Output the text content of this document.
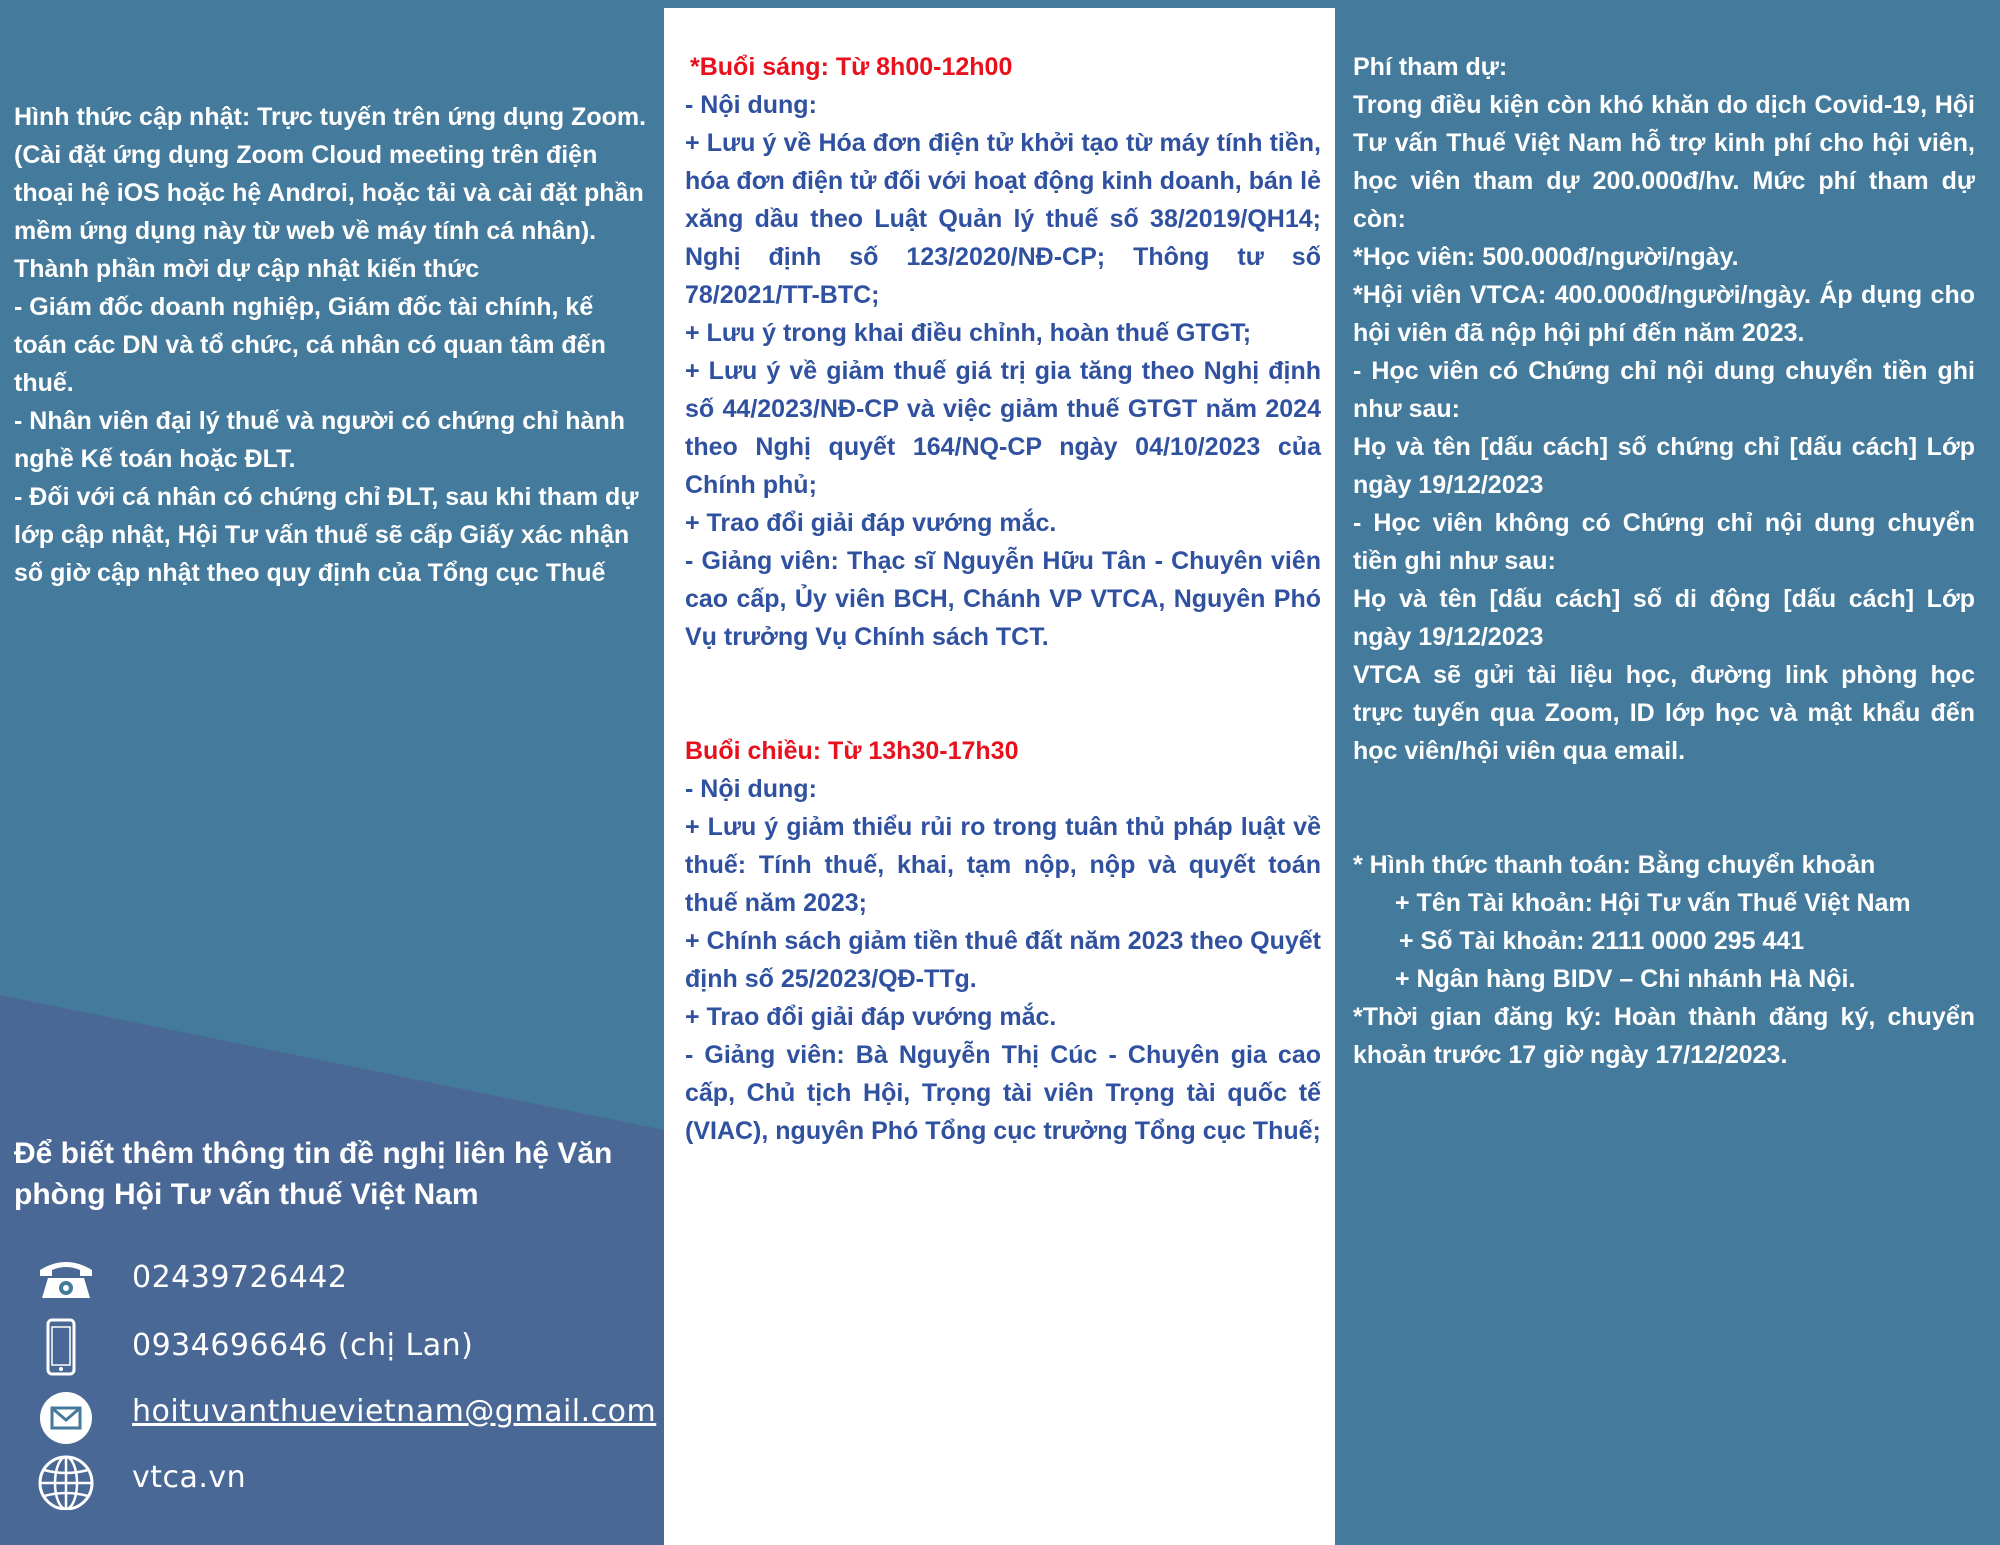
Hình thức cập nhật: Trực tuyến trên ứng dụng Zoom. (Cài đặt ứng dụng Zoom Cloud meeting trên điện thoại hệ iOS hoặc hệ Androi, hoặc tải và cài đặt phần mềm ứng dụng này từ web về máy tính cá nhân).

Thành phần mời dự cập nhật kiến thức

- Giám đốc doanh nghiệp, Giám đốc tài chính, kế toán các DN và tổ chức, cá nhân có quan tâm đến thuế.

- Nhân viên đại lý thuế và người có chứng chỉ hành nghề Kế toán hoặc ĐLT.

- Đối với cá nhân có chứng chỉ ĐLT, sau khi tham dự lớp cập nhật, Hội Tư vấn thuế sẽ cấp Giấy xác nhận số giờ cập nhật theo quy định của Tổng cục Thuế

Để biết thêm thông tin đề nghị liên hệ Văn phòng Hội Tư vấn thuế Việt Nam
02439726442
0934696646 (chị Lan)
hoituvanthuevietnam@gmail.com
vtca.vn

*Buổi sáng: Từ 8h00-12h00

- Nội dung:

+ Lưu ý về Hóa đơn điện tử khởi tạo từ máy tính tiền, hóa đơn điện tử đối với hoạt động kinh doanh, bán lẻ xăng dầu theo Luật Quản lý thuế số 38/2019/QH14; Nghị định số 123/2020/NĐ-CP; Thông tư số 78/2021/TT-BTC;

+ Lưu ý trong khai điều chỉnh, hoàn thuế GTGT;

+ Lưu ý về giảm thuế giá trị gia tăng theo Nghị định số 44/2023/NĐ-CP và việc giảm thuế GTGT năm 2024 theo Nghị quyết 164/NQ-CP ngày 04/10/2023 của Chính phủ;

+ Trao đổi giải đáp vướng mắc.

- Giảng viên: Thạc sĩ Nguyễn Hữu Tân - Chuyên viên cao cấp, Ủy viên BCH, Chánh VP VTCA, Nguyên Phó Vụ trưởng Vụ Chính sách TCT.

Buổi chiều: Từ 13h30-17h30

- Nội dung:

+ Lưu ý giảm thiểu rủi ro trong tuân thủ pháp luật về thuế: Tính thuế, khai, tạm nộp, nộp và quyết toán thuế năm 2023;

+ Chính sách giảm tiền thuê đất năm 2023 theo Quyết định số 25/2023/QĐ-TTg.

+ Trao đổi giải đáp vướng mắc.

- Giảng viên: Bà Nguyễn Thị Cúc - Chuyên gia cao cấp, Chủ tịch Hội, Trọng tài viên Trọng tài quốc tế (VIAC), nguyên Phó Tổng cục trưởng Tổng cục Thuế;

Phí tham dự:

Trong điều kiện còn khó khăn do dịch Covid-19, Hội Tư vấn Thuế Việt Nam hỗ trợ kinh phí cho hội viên, học viên tham dự 200.000đ/hv. Mức phí tham dự còn:

*Học viên: 500.000đ/người/ngày.

*Hội viên VTCA: 400.000đ/người/ngày. Áp dụng cho hội viên đã nộp hội phí đến năm 2023.

- Học viên có Chứng chỉ nội dung chuyển tiền ghi như sau:

Họ và tên [dấu cách] số chứng chỉ [dấu cách] Lớp ngày 19/12/2023

- Học viên không có Chứng chỉ nội dung chuyển tiền ghi như sau:

Họ và tên [dấu cách] số di động [dấu cách] Lớp ngày 19/12/2023

VTCA sẽ gửi tài liệu học, đường link phòng học trực tuyến qua Zoom, ID lớp học và mật khẩu đến học viên/hội viên qua email.

* Hình thức thanh toán: Bằng chuyển khoản

+ Tên Tài khoản: Hội Tư vấn Thuế Việt Nam

+ Số Tài khoản: 2111 0000 295 441

+ Ngân hàng BIDV – Chi nhánh Hà Nội.

*Thời gian đăng ký: Hoàn thành đăng ký, chuyển khoản trước 17 giờ ngày 17/12/2023.
